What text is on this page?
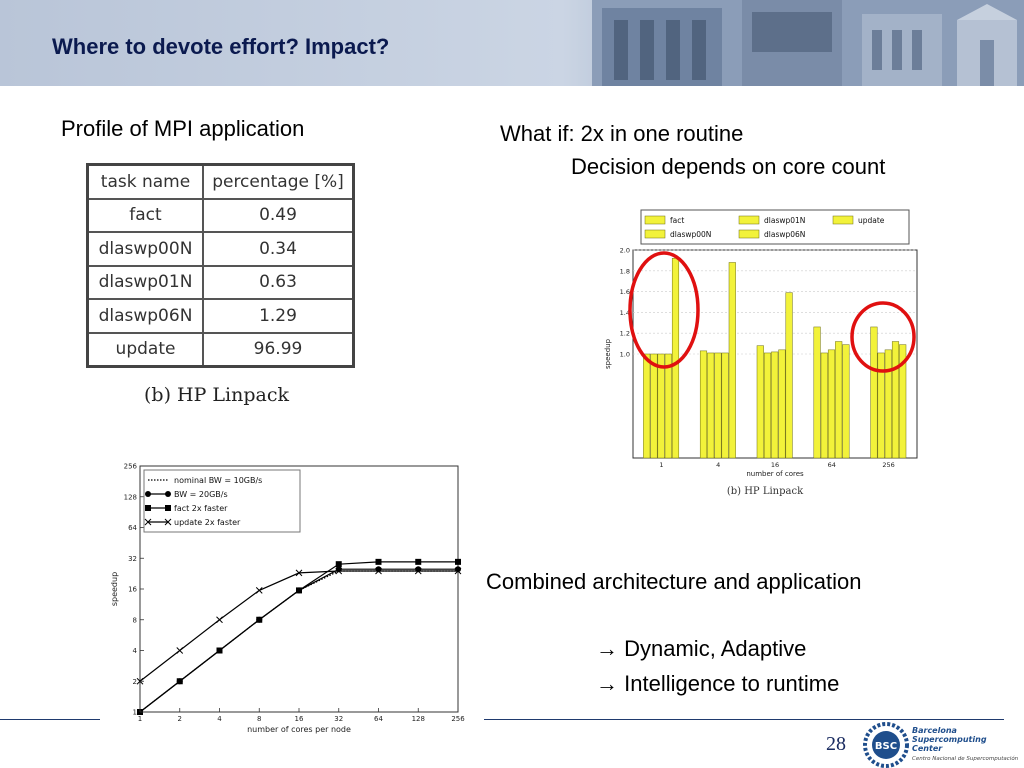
Where to devote effort? Impact?
Profile of MPI application
task name	percentage [%]
fact	0.49
dlaswp00N	0.34
dlaswp01N	0.63
dlaswp06N	1.29
update	96.99
(b) HP Linpack
What if: 2x in one routine
Decision depends on core count
fact	dlaswp01N	update
dlaswp00N	dlaswp06N
1.0
1.2
1.4
1.6
1.8
2.0
1	4	16	64	256
number of cores
speedup
(b) HP Linpack
1
2
4
8
16
32
64
128
256
1	2	4	8	16	32	64	128	256
nominal BW = 10GB/s
BW = 20GB/s
fact 2x faster
update 2x faster
number of cores per node
speedup	Combined architecture and application
→ Dynamic, Adaptive
→ Intelligence to runtime
28	BSC
Barcelona
Supercomputing
Center
Centro Nacional de Supercomputación
